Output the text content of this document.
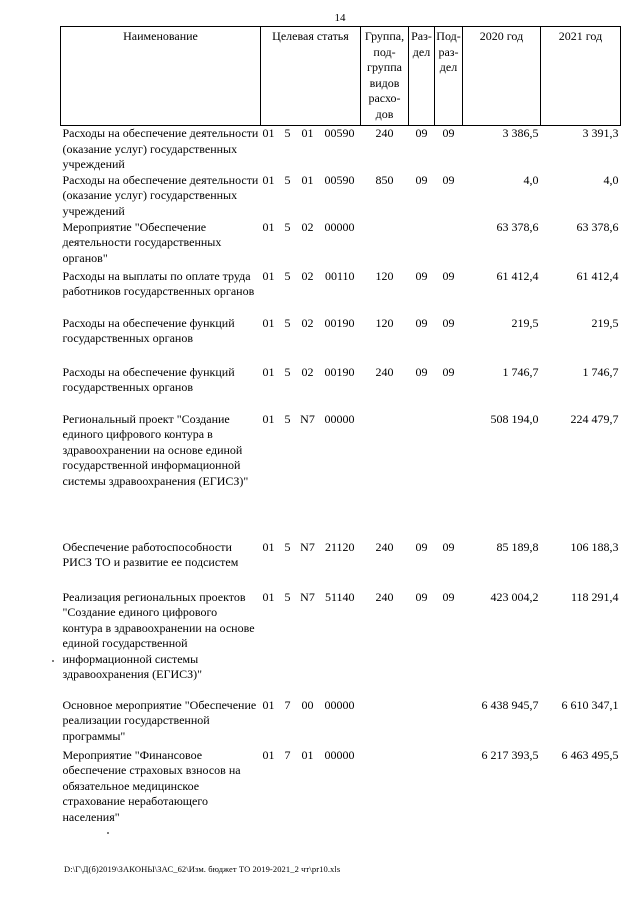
14
Наименование	Целевая статья	Группа, под-группа видов расхо-дов	Раз-дел	Под-раз-дел	2020 год	2021 год
Расходы на обеспечение деятельности (оказание услуг) государственных учреждений	01 5 01 00590	240	09	09	3 386,5	3 391,3
Расходы на обеспечение деятельности (оказание услуг) государственных учреждений	01 5 01 00590	850	09	09	4,0	4,0
Мероприятие "Обеспечение деятельности государственных органов"	01 5 02 00000				63 378,6	63 378,6
Расходы на выплаты по оплате труда работников государственных органов	01 5 02 00110	120	09	09	61 412,4	61 412,4
Расходы на обеспечение функций государственных органов	01 5 02 00190	120	09	09	219,5	219,5
Расходы на обеспечение функций государственных органов	01 5 02 00190	240	09	09	1 746,7	1 746,7
Региональный проект "Создание единого цифрового контура в здравоохранении на основе единой государственной информационной системы здравоохранения (ЕГИСЗ)"	01 5 N7 00000				508 194,0	224 479,7
Обеспечение работоспособности РИСЗ ТО и развитие ее подсистем	01 5 N7 21120	240	09	09	85 189,8	106 188,3
Реализация региональных проектов "Создание единого цифрового контура в здравоохранении на основе единой государственной информационной системы здравоохранения (ЕГИСЗ)"	01 5 N7 51140	240	09	09	423 004,2	118 291,4
Основное мероприятие "Обеспечение реализации государственной программы"	01 7 00 00000				6 438 945,7	6 610 347,1
Мероприятие "Финансовое обеспечение страховых взносов на обязательное медицинское страхование неработающего населения"	01 7 01 00000				6 217 393,5	6 463 495,5
D:\Г\Д(б)2019\ЗАКОНЫ\ЗАС_62\Изм. бюджет ТО 2019-2021_2 чт\pr10.xls
